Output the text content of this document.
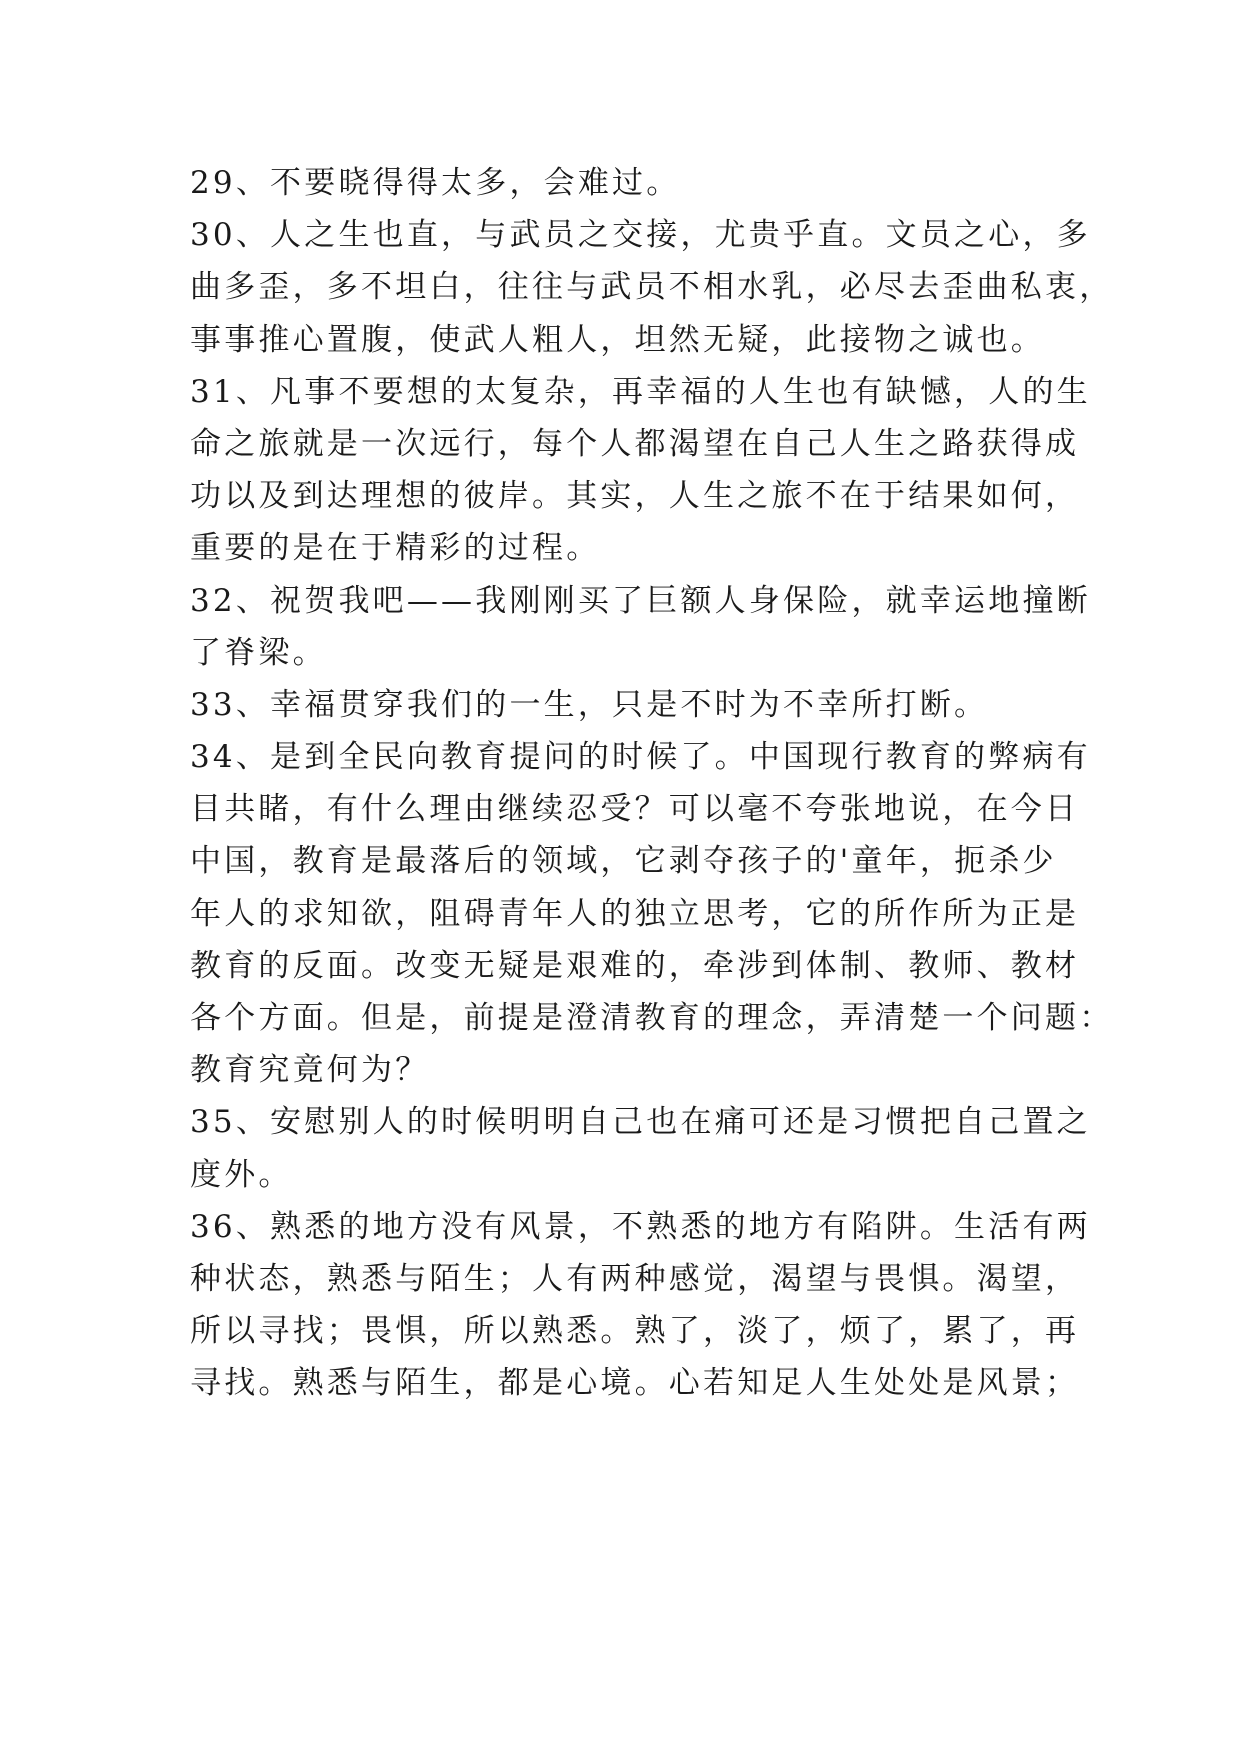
29、不要晓得得太多，会难过。
30、人之生也直，与武员之交接，尤贵乎直。文员之心，多
曲多歪，多不坦白，往往与武员不相水乳，必尽去歪曲私衷，
事事推心置腹，使武人粗人，坦然无疑，此接物之诚也。
31、凡事不要想的太复杂，再幸福的人生也有缺憾，人的生
命之旅就是一次远行，每个人都渴望在自己人生之路获得成
功以及到达理想的彼岸。其实，人生之旅不在于结果如何，
重要的是在于精彩的过程。
32、祝贺我吧——我刚刚买了巨额人身保险，就幸运地撞断
了脊梁。
33、幸福贯穿我们的一生，只是不时为不幸所打断。
34、是到全民向教育提问的时候了。中国现行教育的弊病有
目共睹，有什么理由继续忍受？可以毫不夸张地说，在今日
中国，教育是最落后的领域，它剥夺孩子的'童年，扼杀少
年人的求知欲，阻碍青年人的独立思考，它的所作所为正是
教育的反面。改变无疑是艰难的，牵涉到体制、教师、教材
各个方面。但是，前提是澄清教育的理念，弄清楚一个问题：
教育究竟何为？
35、安慰别人的时候明明自己也在痛可还是习惯把自己置之
度外。
36、熟悉的地方没有风景，不熟悉的地方有陷阱。生活有两
种状态，熟悉与陌生；人有两种感觉，渴望与畏惧。渴望，
所以寻找；畏惧，所以熟悉。熟了，淡了，烦了，累了，再
寻找。熟悉与陌生，都是心境。心若知足人生处处是风景；
